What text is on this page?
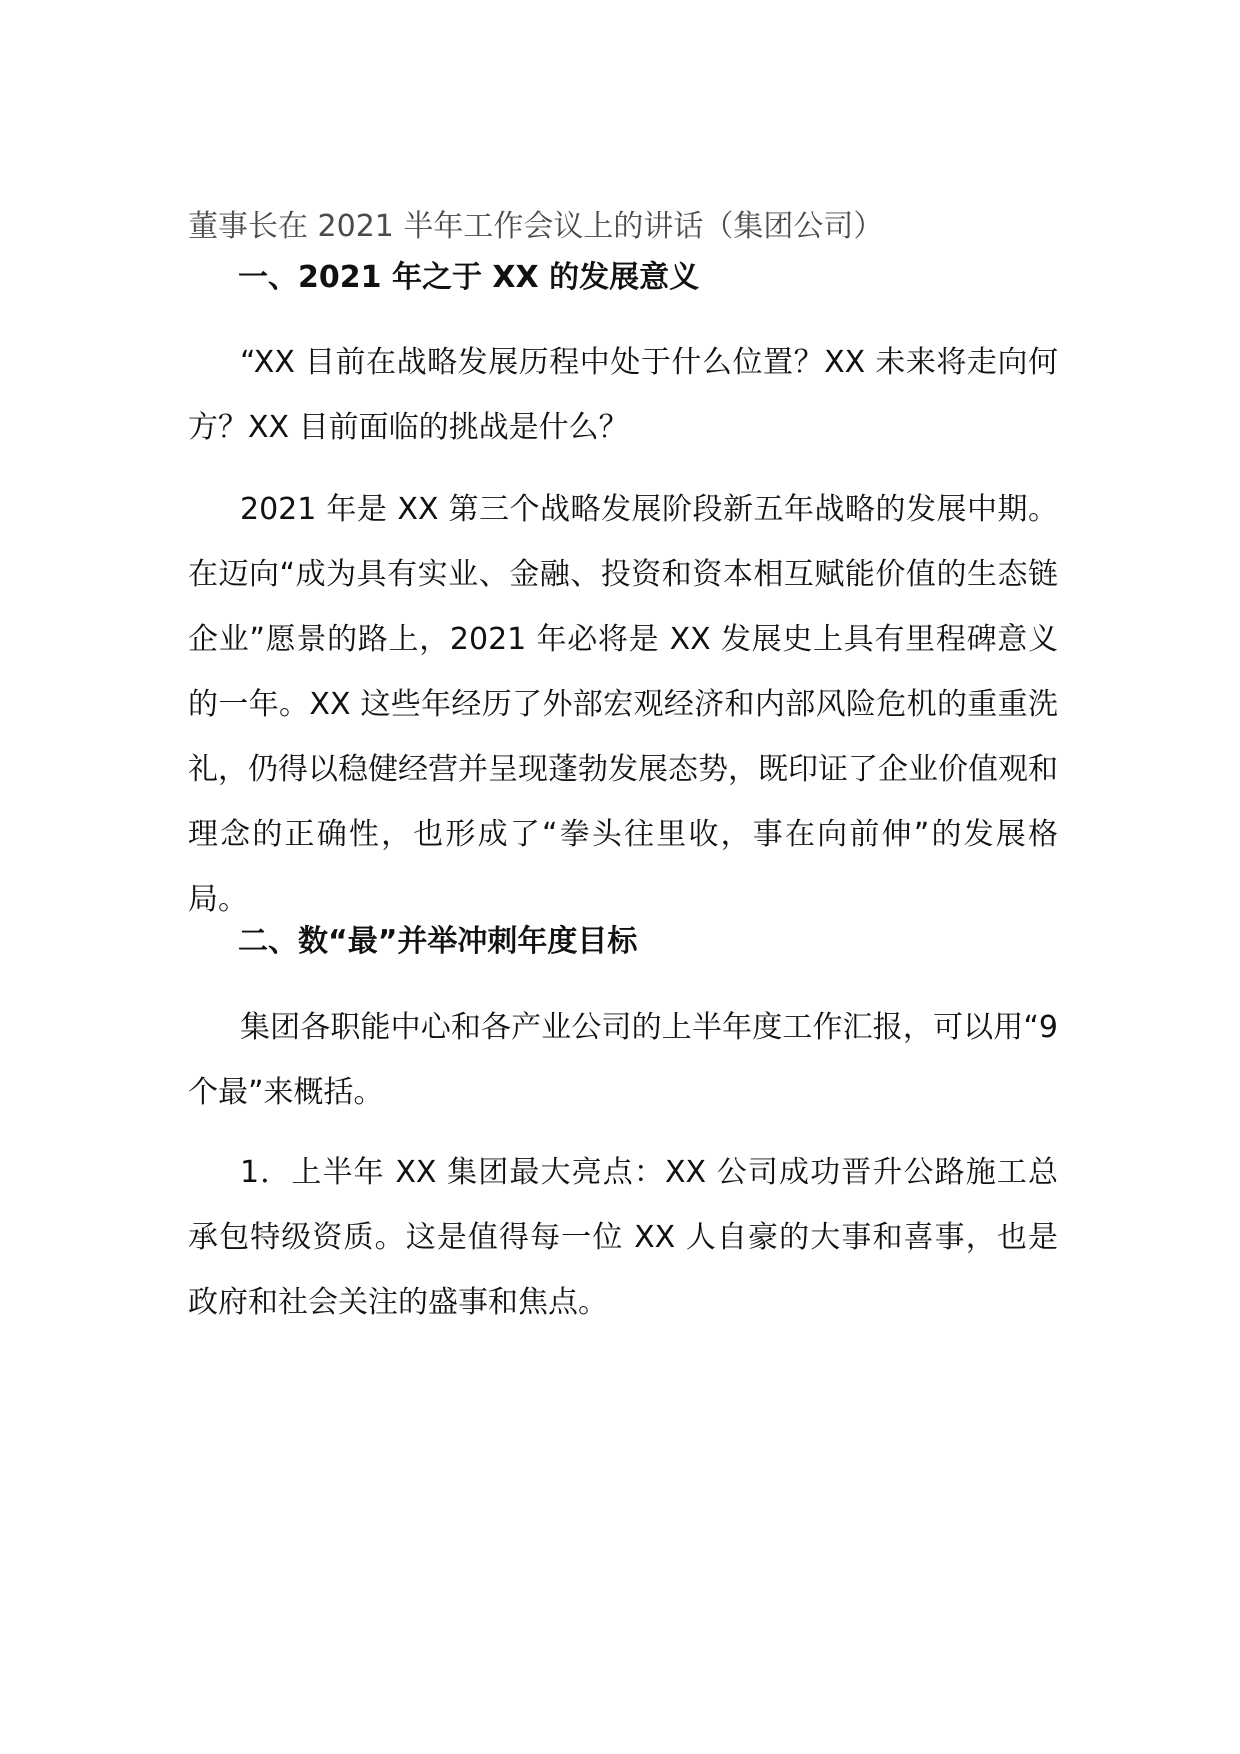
董事长在 2021 半年工作会议上的讲话（集团公司）
一、2021 年之于 XX 的发展意义
“XX 目前在战略发展历程中处于什么位置？XX 未来将走向何方？XX 目前面临的挑战是什么？
2021 年是 XX 第三个战略发展阶段新五年战略的发展中期。在迈向“成为具有实业、金融、投资和资本相互赋能价值的生态链企业”愿景的路上，2021 年必将是 XX 发展史上具有里程碑意义的一年。XX 这些年经历了外部宏观经济和内部风险危机的重重洗礼，仍得以稳健经营并呈现蓬勃发展态势，既印证了企业价值观和理念的正确性，也形成了“拳头往里收，事在向前伸”的发展格局。
二、数“最”并举冲刺年度目标
集团各职能中心和各产业公司的上半年度工作汇报，可以用“9 个最”来概括。
1．上半年 XX 集团最大亮点：XX 公司成功晋升公路施工总承包特级资质。这是值得每一位 XX 人自豪的大事和喜事，也是政府和社会关注的盛事和焦点。
